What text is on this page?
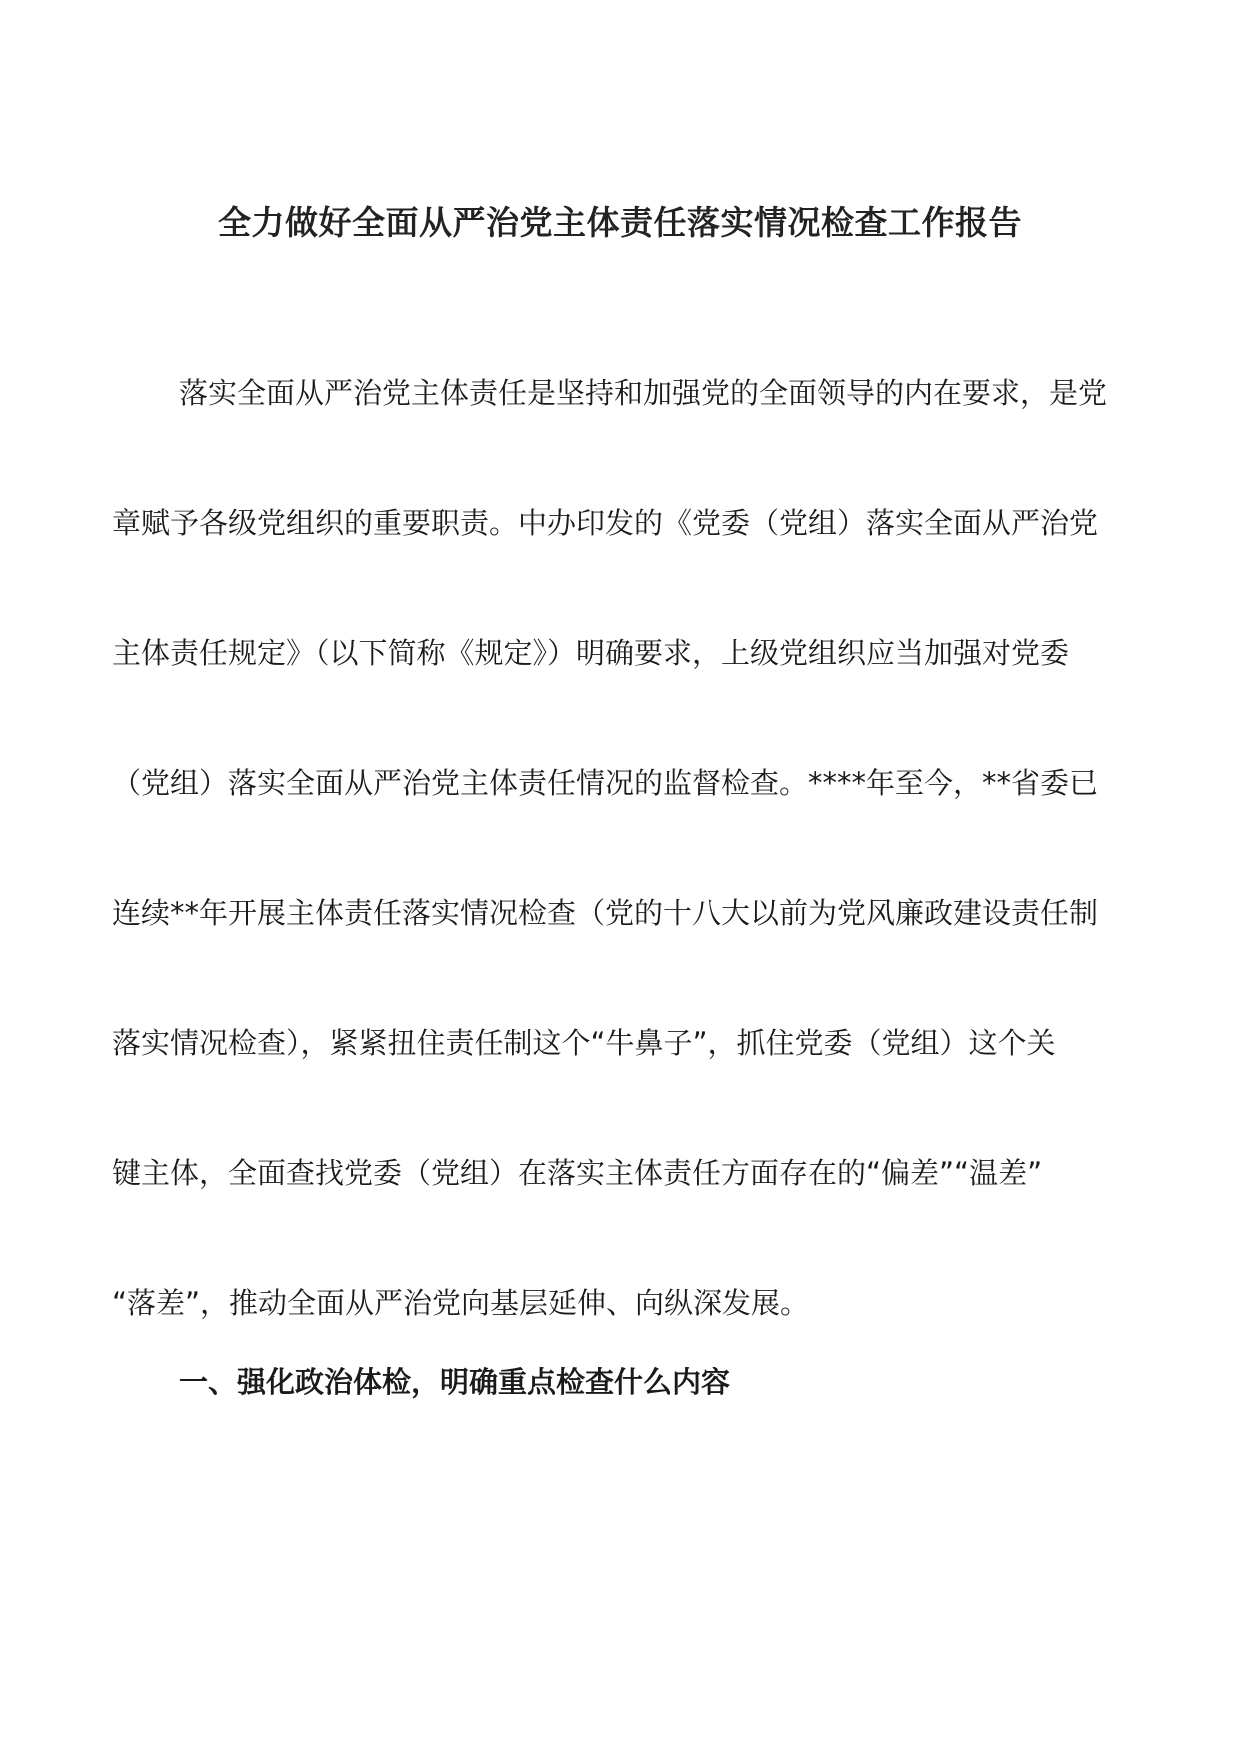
全力做好全面从严治党主体责任落实情况检查工作报告
落实全面从严治党主体责任是坚持和加强党的全面领导的内在要求，是党
章赋予各级党组织的重要职责。中办印发的《党委（党组）落实全面从严治党
主体责任规定》（以下简称《规定》）明确要求，上级党组织应当加强对党委
（党组）落实全面从严治党主体责任情况的监督检查。****年至今，**省委已
连续**年开展主体责任落实情况检查（党的十八大以前为党风廉政建设责任制
落实情况检查），紧紧扭住责任制这个“牛鼻子”，抓住党委（党组）这个关
键主体，全面查找党委（党组）在落实主体责任方面存在的“偏差”“温差”
“落差”，推动全面从严治党向基层延伸、向纵深发展。
一、强化政治体检，明确重点检查什么内容
